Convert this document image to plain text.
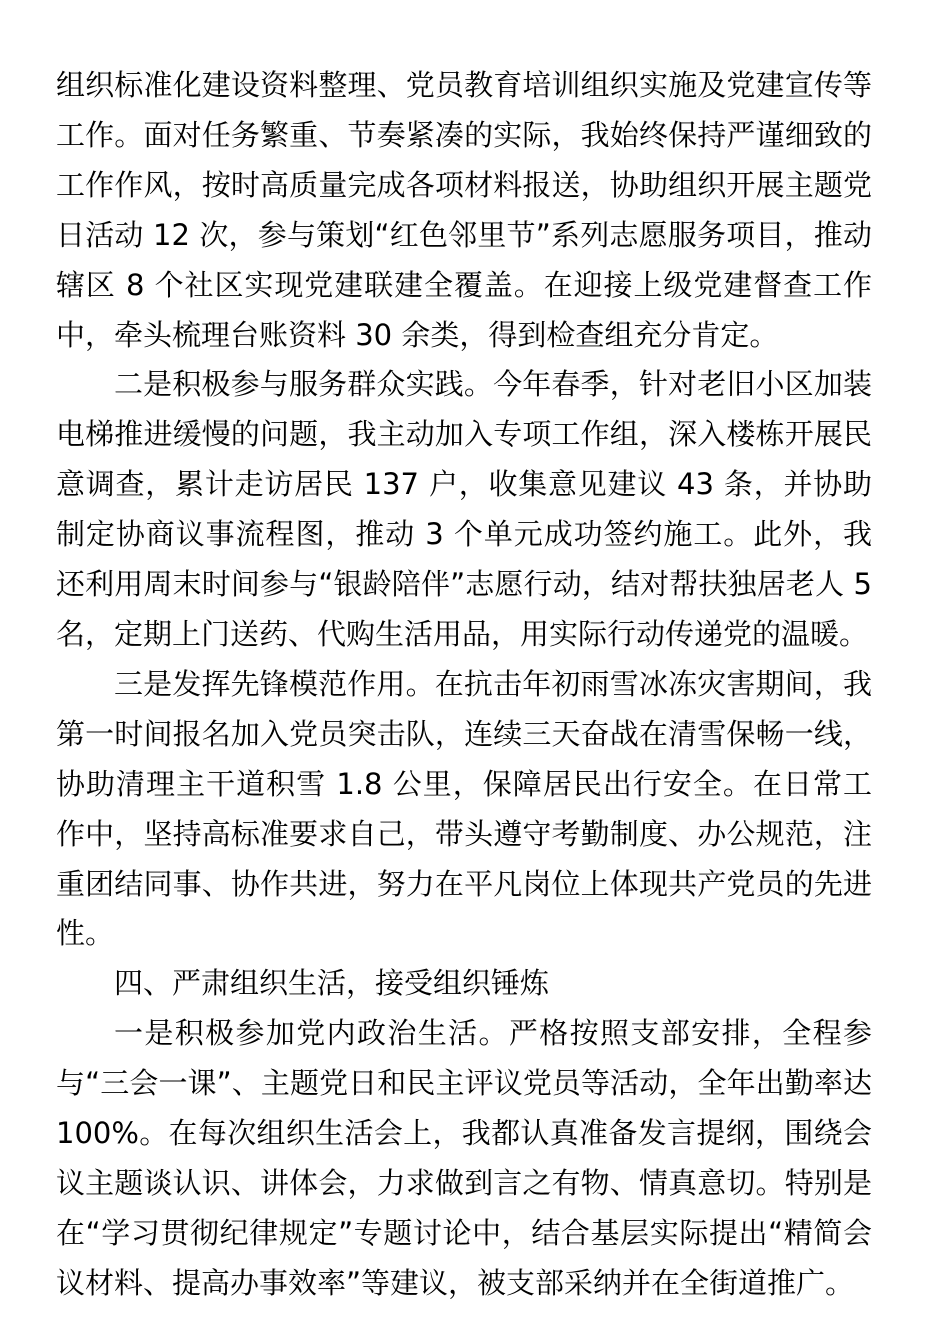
组织标准化建设资料整理、党员教育培训组织实施及党建宣传等工作。面对任务繁重、节奏紧凑的实际，我始终保持严谨细致的工作作风，按时高质量完成各项材料报送，协助组织开展主题党日活动 12 次，参与策划“红色邻里节”系列志愿服务项目，推动辖区 8 个社区实现党建联建全覆盖。在迎接上级党建督查工作中，牵头梳理台账资料 30 余类，得到检查组充分肯定。

二是积极参与服务群众实践。今年春季，针对老旧小区加装电梯推进缓慢的问题，我主动加入专项工作组，深入楼栋开展民意调查，累计走访居民 137 户，收集意见建议 43 条，并协助制定协商议事流程图，推动 3 个单元成功签约施工。此外，我还利用周末时间参与“银龄陪伴”志愿行动，结对帮扶独居老人 5 名，定期上门送药、代购生活用品，用实际行动传递党的温暖。

三是发挥先锋模范作用。在抗击年初雨雪冰冻灾害期间，我第一时间报名加入党员突击队，连续三天奋战在清雪保畅一线，协助清理主干道积雪 1.8 公里，保障居民出行安全。在日常工作中，坚持高标准要求自己，带头遵守考勤制度、办公规范，注重团结同事、协作共进，努力在平凡岗位上体现共产党员的先进性。

四、严肃组织生活，接受组织锤炼

一是积极参加党内政治生活。严格按照支部安排，全程参与“三会一课”、主题党日和民主评议党员等活动，全年出勤率达 100%。在每次组织生活会上，我都认真准备发言提纲，围绕会议主题谈认识、讲体会，力求做到言之有物、情真意切。特别是在“学习贯彻纪律规定”专题讨论中，结合基层实际提出“精简会议材料、提高办事效率”等建议，被支部采纳并在全街道推广。
